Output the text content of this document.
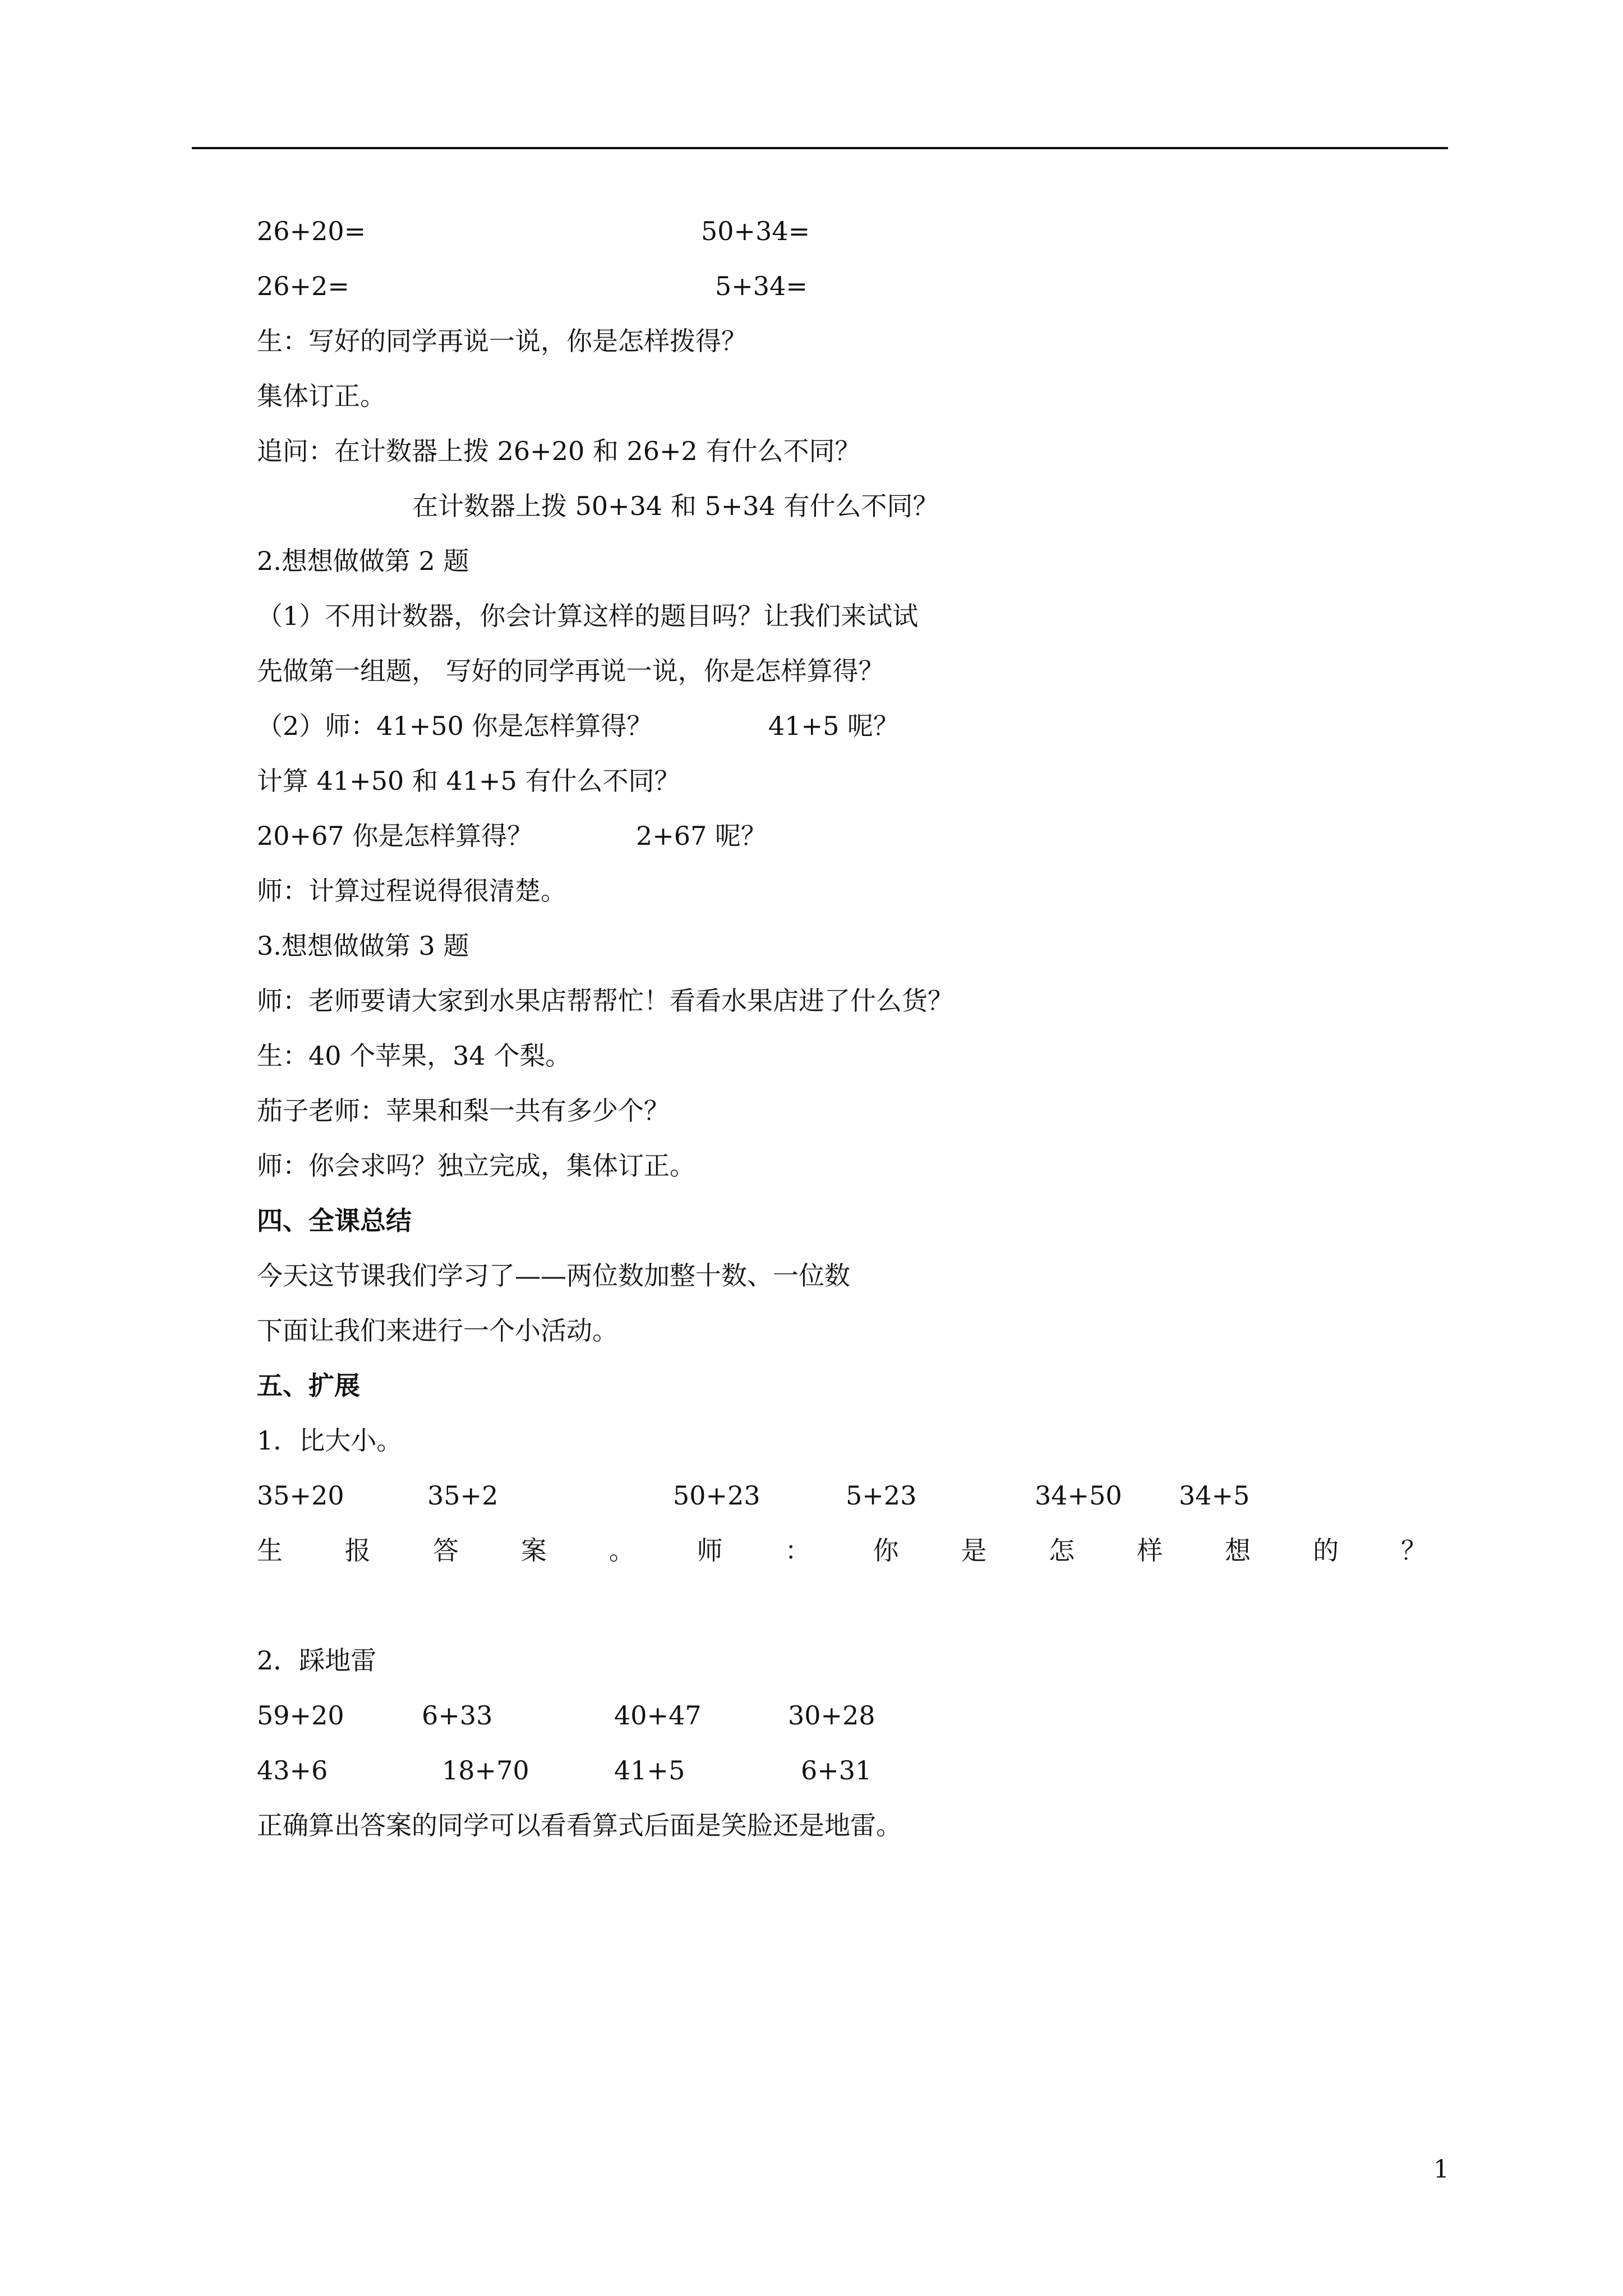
26+20=	50+34=
26+2=	5+34=
生：写好的同学再说一说，你是怎样拨得？
集体订正。
追问：在计数器上拨 26+20 和 26+2 有什么不同？
在计数器上拨 50+34 和 5+34 有什么不同？
2.想想做做第 2 题
（1）不用计数器，你会计算这样的题目吗？让我们来试试
先做第一组题， 写好的同学再说一说，你是怎样算得？
（2）师：41+50 你是怎样算得？	41+5 呢？
计算 41+50 和 41+5 有什么不同？
20+67 你是怎样算得？	2+67 呢？
师：计算过程说得很清楚。
3.想想做做第 3 题
师：老师要请大家到水果店帮帮忙！看看水果店进了什么货？
生：40 个苹果，34 个梨。
茄子老师：苹果和梨一共有多少个？
师：你会求吗？独立完成，集体订正。
四、全课总结
今天这节课我们学习了——两位数加整十数、一位数
下面让我们来进行一个小活动。
五、扩展
1．比大小。
35+20	35+2	50+23	5+23	34+50 34+5
生 报 答 案 。 师 ： 你 是 怎 样 想 的 ？
2．踩地雷
59+20	6+33	40+47	30+28
43+6	18+70	41+5	6+31
正确算出答案的同学可以看看算式后面是笑脸还是地雷。
1
